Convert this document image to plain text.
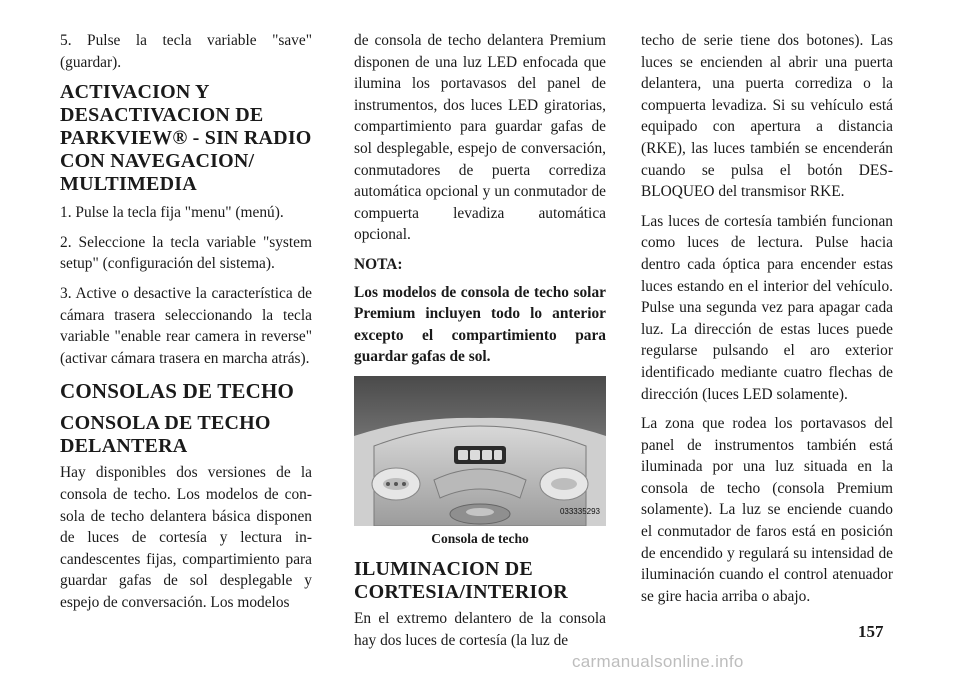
5. Pulse la tecla variable "save" (guardar).

ACTIVACION Y DESACTIVACION DE PARKVIEW® - SIN RADIO CON NAVEGACION/ MULTIMEDIA

1. Pulse la tecla fija "menu" (menú).

2. Seleccione la tecla variable "system setup" (configuración del sistema).

3. Active o desactive la característica de cámara trasera seleccionando la tecla variable "enable rear camera in reverse" (activar cámara trasera en marcha atrás).

CONSOLAS DE TECHO
CONSOLA DE TECHO DELANTERA

Hay disponibles dos versiones de la consola de techo. Los modelos de consola de techo delantera básica disponen de luces de cortesía y lectura incandescentes fijas, compartimiento para guardar gafas de sol desplegable y espejo de conversación. Los modelos

de consola de techo delantera Premium disponen de una luz LED enfocada que ilumina los portavasos del panel de instrumentos, dos luces LED giratorias, compartimiento para guardar gafas de sol desplegable, espejo de conversación, conmutadores de puerta corrediza automática opcional y un conmutador de compuerta levadiza automática opcional.

NOTA:

Los modelos de consola de techo solar Premium incluyen todo lo anterior excepto el compartimiento para guardar gafas de sol.

033335293
Consola de techo
ILUMINACION DE CORTESIA/INTERIOR

En el extremo delantero de la consola hay dos luces de cortesía (la luz de

techo de serie tiene dos botones). Las luces se encienden al abrir una puerta delantera, una puerta corrediza o la compuerta levadiza. Si su vehículo está equipado con apertura a distancia (RKE), las luces también se encenderán cuando se pulsa el botón DESBLOQUEO del transmisor RKE.

Las luces de cortesía también funcionan como luces de lectura. Pulse hacia dentro cada óptica para encender estas luces estando en el interior del vehículo. Pulse una segunda vez para apagar cada luz. La dirección de estas luces puede regularse pulsando el aro exterior identificado mediante cuatro flechas de dirección (luces LED solamente).

La zona que rodea los portavasos del panel de instrumentos también está iluminada por una luz situada en la consola de techo (consola Premium solamente). La luz se enciende cuando el conmutador de faros está en posición de encendido y regulará su intensidad de iluminación cuando el control atenuador se gire hacia arriba o abajo.

157
carmanualsonline.info
